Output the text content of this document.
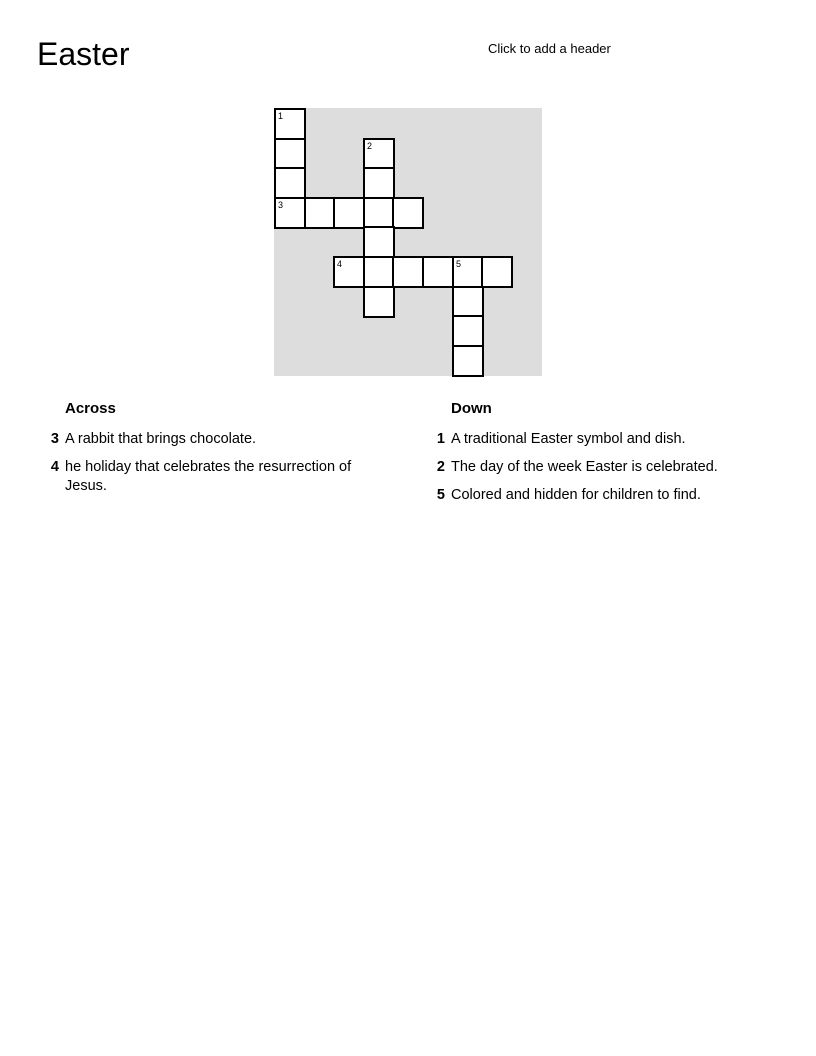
Easter	Click to add a header
1
2
3
4	5
Across
3 A rabbit that brings chocolate.
4 he holiday that celebrates the resurrection of Jesus.
Down
1 A traditional Easter symbol and dish.
2 The day of the week Easter is celebrated.
5 Colored and hidden for children to find.
